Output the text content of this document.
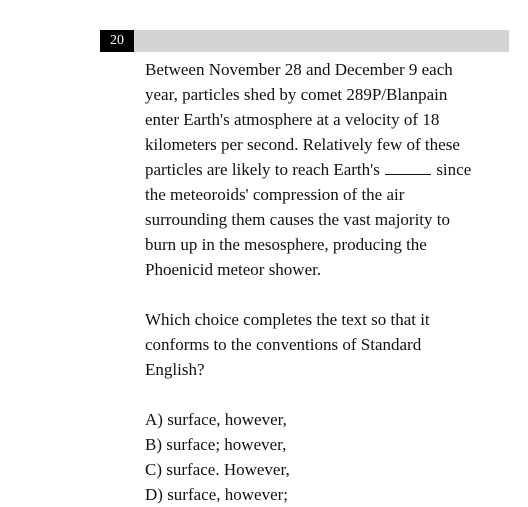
20
Between November 28 and December 9 each
year, particles shed by comet 289P/Blanpain
enter Earth's atmosphere at a velocity of 18
kilometers per second. Relatively few of these
particles are likely to reach Earth's	since
the meteoroids' compression of the air
surrounding them causes the vast majority to
burn up in the mesosphere, producing the
Phoenicid meteor shower.
Which choice completes the text so that it
conforms to the conventions of Standard
English?
A) surface, however,
B) surface; however,
C) surface. However,
D) surface, however;
